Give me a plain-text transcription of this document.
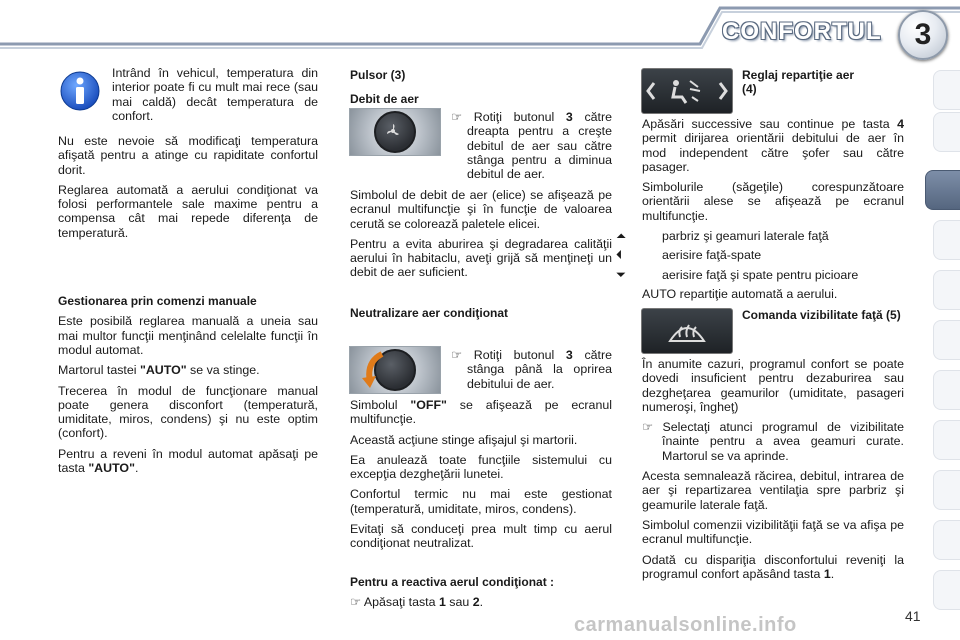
CONFORTUL	3

Intrând în vehicul, temperatura din interior poate fi cu mult mai rece (sau mai caldă) decât temperatura de confort.

Nu este nevoie să modificaţi temperatura afişată pentru a atinge cu rapiditate confortul dorit.

Reglarea automată a aerului condiţionat va folosi performantele sale maxime pentru a compensa cât mai repede diferenţa de temperatură.

Gestionarea prin comenzi manuale

Este posibilă reglarea manuală a uneia sau mai multor funcţii menţinând celelalte funcţii în modul automat.

Martorul tastei "AUTO" se va stinge.

Trecerea în modul de funcţionare manual poate genera disconfort (temperatură, umiditate, miros, condens) şi nu este optim (confort).

Pentru a reveni în modul automat apăsaţi pe tasta "AUTO".

Pulsor (3)
Debit de aer

☞ Rotiţi butonul 3 către dreapta pentru a creşte debitul de aer sau către stânga pentru a diminua debitul de aer.

Simbolul de debit de aer (elice) se afişează pe ecranul multifuncţie şi în funcţie de valoarea cerută se colorează paletele elicei.

Pentru a evita aburirea şi degradarea calităţii aerului în habitaclu, aveţi grijă să menţineţi un debit de aer suficient.

Neutralizare aer condiţionat

☞ Rotiţi butonul 3 către stânga până la oprirea debitului de aer.

Simbolul "OFF" se afişează pe ecranul multifuncţie.

Această acţiune stinge afişajul şi martorii.

Ea anulează toate funcţiile sistemului cu excepţia dezgheţării lunetei.

Confortul termic nu mai este gestionat (temperatură, umiditate, miros, condens).

Evitaţi să conduceţi prea mult timp cu aerul condiţionat neutralizat.

Pentru a reactiva aerul condiţionat :

☞ Apăsaţi tasta 1 sau 2.

Reglaj repartiţie aer (4)

Apăsări successive sau continue pe tasta 4 permit dirijarea orientării debitului de aer în mod independent către şofer sau către pasager.

Simbolurile (săgeţile) corespunzătoare orientării alese se afişează pe ecranul multifuncţie.

⏶	parbriz şi geamuri laterale faţă
⏴	aerisire faţă-spate
⏷	aerisire faţă şi spate pentru picioare

AUTO repartiţie automată a aerului.

Comanda vizibilitate faţă (5)

În anumite cazuri, programul confort se poate dovedi insuficient pentru dezaburirea sau dezgheţarea geamurilor (umiditate, pasageri numeroşi, îngheţ)

☞ Selectaţi atunci programul de vizibilitate înainte pentru a avea geamuri curate. Martorul se va aprinde.

Acesta semnalează răcirea, debitul, intrarea de aer şi repartizarea ventilaţia spre parbriz şi geamurile laterale faţă.

Simbolul comenzii vizibilităţii faţă se va afişa pe ecranul multifuncţie.

Odată cu dispariţia disconfortului reveniţi la programul confort apăsând tasta 1.

41
carmanualsonline.info
